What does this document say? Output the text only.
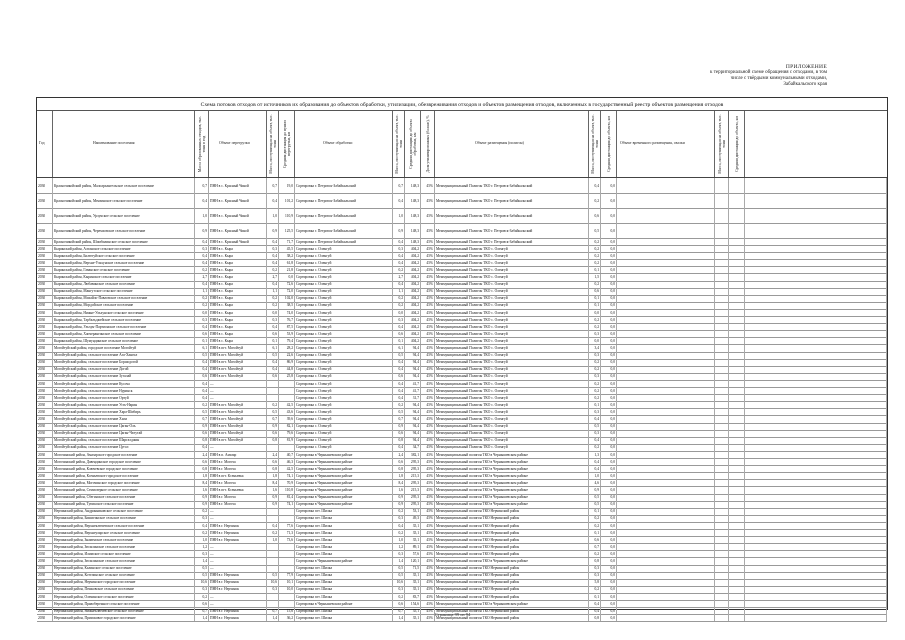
ПРИЛОЖЕНИЕ
к территориальной схеме обращения с отходами, в том
числе с твёрдыми коммунальными отходами,
Забайкальского края
Схема потоков отходов от источников их образования до объектов обработки, утилизации, обезвреживания отходов и объектов размещения отходов, включенных в государственный реестр объектов размещения отходов
Год	Наименование поселения	Масса образованных отходов, тыс. тонн в год	Объект перегрузки	Масса, поступающая на объект, тыс. тонн Средняя дистанция до пункта перегрузки, км	Объект обработки	Масса, поступающая на объект, тыс. тонн Средняя дистанция до объекта обработки, км Доля утилизированных (баланс), %	Объект размещения (полигон)	Масса, поступающая на объект, тыс. тонн Средняя дистанция до объекта, км	Объект временного размещения, свалки	Масса, поступающая на объект, тыс. тонн Средняя дистанция до объекта, км
2030	Красночикойский район, Малоархангельское сельское поселение	0,7 ПНН в с. Красный Чикой	0,7	19,0 Сортировка г. Петровск-Забайкальский	0,7	148,3	45% Межмуниципальный Полигон ТКО г. Петровск-Забайкальский	0,4	0,0
2030	Красночикойский район, Мензинское сельское поселение	0,4 ПНН в с. Красный Чикой	0,4	101,2 Сортировка г. Петровск-Забайкальский	0,4	148,3	45% Межмуниципальный Полигон ТКО г. Петровск-Забайкальский	0,2	0,0
2030	Красночикойский район, Урлукское сельское поселение	1,0 ПНН в с. Красный Чикой	1,0	110,9 Сортировка г. Петровск-Забайкальский	1,0	148,3	45% Межмуниципальный Полигон ТКО г. Петровск-Забайкальский	0,6	0,0
2030	Красночикойский район, Черемховское сельское поселение	0,9 ПНН в с. Красный Чикой	0,9	125,5 Сортировка г. Петровск-Забайкальский	0,9	148,3	45% Межмуниципальный Полигон ТКО г. Петровск-Забайкальский	0,5	0,0
2030	Красночикойский район, Шимбилинское сельское поселение	0,4 ПНН в с. Красный Чикой	0,4	71,7 Сортировка г. Петровск-Забайкальский	0,4	148,3	45% Межмуниципальный Полигон ТКО г. Петровск-Забайкальский	0,2	0,0
2030	Кыринский район, Алтанское сельское поселение	0,3 ПНН в с. Кыра	0,3	45,5 Сортировка с. Оленгуй	0,3	404,2	45% Межмуниципальный Полигон ТКО с. Оленгуй	0,2	0,0
2030	Кыринский район, Билютуйское сельское поселение	0,4 ПНН в с. Кыра	0,4	38,2 Сортировка с. Оленгуй	0,4	404,2	45% Межмуниципальный Полигон ТКО с. Оленгуй	0,2	0,0
2030	Кыринский район, Верхне-Ульхунское сельское поселение	0,4 ПНН в с. Кыра	0,4	61,8 Сортировка с. Оленгуй	0,4	404,2	45% Межмуниципальный Полигон ТКО с. Оленгуй	0,2	0,0
2030	Кыринский район, Гаванское сельское поселение	0,2 ПНН в с. Кыра	0,2	21,8 Сортировка с. Оленгуй	0,2	404,2	45% Межмуниципальный Полигон ТКО с. Оленгуй	0,1	0,0
2030	Кыринский район, Кыринское сельское поселение	2,7 ПНН в с. Кыра	2,7	0,0 Сортировка с. Оленгуй	2,7	404,2	45% Межмуниципальный Полигон ТКО с. Оленгуй	1,5	0,0
2030	Кыринский район, Любавинское сельское поселение	0,4 ПНН в с. Кыра	0,4	72,6 Сортировка с. Оленгуй	0,4	404,2	45% Межмуниципальный Полигон ТКО с. Оленгуй	0,2	0,0
2030	Кыринский район, Мангутское сельское поселение	1,1 ПНН в с. Кыра	1,1	72,0 Сортировка с. Оленгуй	1,1	404,2	45% Межмуниципальный Полигон ТКО с. Оленгуй	0,6	0,0
2030	Кыринский район, Михайло-Павловское сельское поселение	0,2 ПНН в с. Кыра	0,2	102,0 Сортировка с. Оленгуй	0,2	404,2	45% Межмуниципальный Полигон ТКО с. Оленгуй	0,1	0,0
2030	Кыринский район, Мордойское сельское поселение	0,2 ПНН в с. Кыра	0,2	38,5 Сортировка с. Оленгуй	0,2	404,2	45% Межмуниципальный Полигон ТКО с. Оленгуй	0,1	0,0
2030	Кыринский район, Нижне-Ульхунское сельское поселение	0,0 ПНН в с. Кыра	0,0	74,0 Сортировка с. Оленгуй	0,0	404,2	45% Межмуниципальный Полигон ТКО с. Оленгуй	0,0	0,0
2030	Кыринский район, Тарбальджейское сельское поселение	0,3 ПНН в с. Кыра	0,3	76,7 Сортировка с. Оленгуй	0,3	404,2	45% Межмуниципальный Полигон ТКО с. Оленгуй	0,2	0,0
2030	Кыринский район, Ульхун-Партионское сельское поселение	0,4 ПНН в с. Кыра	0,4	87,5 Сортировка с. Оленгуй	0,4	404,2	45% Межмуниципальный Полигон ТКО с. Оленгуй	0,2	0,0
2030	Кыринский район, Хапчерангинское сельское поселение	0,6 ПНН в с. Кыра	0,6	53,9 Сортировка с. Оленгуй	0,6	404,2	45% Межмуниципальный Полигон ТКО с. Оленгуй	0,3	0,0
2030	Кыринский район, Шумундинское сельское поселение	0,1 ПНН в с. Кыра	0,1	79,4 Сортировка с. Оленгуй	0,1	404,2	45% Межмуниципальный Полигон ТКО с. Оленгуй	0,0	0,0
2030	Могойтуйский район, городское поселение Могойтуй	6,1 ПНН в пгт. Могойтуй	6,1	28,2 Сортировка с. Оленгуй	6,1	94,4	45% Межмуниципальный Полигон ТКО с. Оленгуй	3,4	0,0
2030	Могойтуйский район, сельское поселение Ага-Хангил	0,5 ПНН в пгт. Могойтуй	0,5	22,6 Сортировка с. Оленгуй	0,5	94,4	45% Межмуниципальный Полигон ТКО с. Оленгуй	0,3	0,0
2030	Могойтуйский район, сельское поселение Боршодогой	0,4 ПНН в пгт. Могойтуй	0,4	86,9 Сортировка с. Оленгуй	0,4	94,4	45% Межмуниципальный Полигон ТКО с. Оленгуй	0,2	0,0
2030	Могойтуйский район, сельское поселение Догой	0,4 ПНН в пгт. Могойтуй	0,4	44,8 Сортировка с. Оленгуй	0,4	94,4	45% Межмуниципальный Полигон ТКО с. Оленгуй	0,2	0,0
2030	Могойтуйский район, сельское поселение Зугалай	0,6 ПНН в пгт. Могойтуй	0,6	25,8 Сортировка с. Оленгуй	0,6	94,4	45% Межмуниципальный Полигон ТКО с. Оленгуй	0,3	0,0
2030	Могойтуйский район, сельское поселение Кусоча	0,4 —	Сортировка с. Оленгуй	0,4	41,7	45% Межмуниципальный Полигон ТКО с. Оленгуй	0,2	0,0
2030	Могойтуйский район, сельское поселение Нуринск	0,4 —	Сортировка с. Оленгуй	0,4	41,7	45% Межмуниципальный Полигон ТКО с. Оленгуй	0,2	0,0
2030	Могойтуйский район, сельское поселение Ортуй	0,4 —	Сортировка с. Оленгуй	0,4	31,7	45% Межмуниципальный Полигон ТКО с. Оленгуй	0,2	0,0
2030	Могойтуйский район, сельское поселение Усть-Нарин	0,2 ПНН в пгт. Могойтуй	0,2	42,5 Сортировка с. Оленгуй	0,2	94,4	45% Межмуниципальный Полигон ТКО с. Оленгуй	0,1	0,0
2030	Могойтуйский район, сельское поселение Хара-Шибирь	0,5 ПНН в пгт. Могойтуй	0,5	43,6 Сортировка с. Оленгуй	0,5	94,4	45% Межмуниципальный Полигон ТКО с. Оленгуй	0,3	0,0
2030	Могойтуйский район, сельское поселение Хила	0,7 ПНН в пгт. Могойтуй	0,7	39,6 Сортировка с. Оленгуй	0,7	94,4	45% Межмуниципальный Полигон ТКО с. Оленгуй	0,4	0,0
2030	Могойтуйский район, сельское поселение Цаган-Оль	0,9 ПНН в пгт. Могойтуй	0,9	82,1 Сортировка с. Оленгуй	0,9	94,4	45% Межмуниципальный Полигон ТКО с. Оленгуй	0,5	0,0
2030	Могойтуйский район, сельское поселение Цаган-Челутай	0,6 ПНН в пгт. Могойтуй	0,6	79,6 Сортировка с. Оленгуй	0,6	94,4	45% Межмуниципальный Полигон ТКО с. Оленгуй	0,3	0,0
2030	Могойтуйский район, сельское поселение Шаргалджин	0,8 ПНН в пгт. Могойтуй	0,8	81,9 Сортировка с. Оленгуй	0,8	94,4	45% Межмуниципальный Полигон ТКО с. Оленгуй	0,4	0,0
2030	Могойтуйский район, сельское поселение Цугол	0,4 —	Сортировка с. Оленгуй	0,4	34,7	45% Межмуниципальный Полигон ТКО с. Оленгуй	0,2	0,0
2030	Могочинский район, Амазарское городское поселение	2,4 ПНН в п. Амазар	2,4	40,7 Сортировка в Чернышевском районе	2,4	382,1	45% Межмуниципальный полигон ТКО в Чернышевском районе	1,3	0,0
2030	Могочинский район, Давендинское городское поселение	0,6 ПНН в г. Могоча	0,6	46,3 Сортировка в Чернышевском районе	0,6	295,3	45% Межмуниципальный полигон ТКО в Чернышевском районе	0,4	0,0
2030	Могочинский район, Ключевское городское поселение	0,8 ПНН в г. Могоча	0,8	42,5 Сортировка в Чернышевском районе	0,8	295,3	45% Межмуниципальный полигон ТКО в Чернышевском районе	0,4	0,0
2030	Могочинский район, Ксеньевское городское поселение	1,8 ПНН в пгт. Ксеньевка	1,8	74,1 Сортировка в Чернышевском районе	1,8	215,3	45% Межмуниципальный полигон ТКО в Чернышевском районе	1,0	0,0
2030	Могочинский район, Могочинское городское поселение	8,4 ПНН в г. Могоча	8,4	70,9 Сортировка в Чернышевском районе	8,4	295,3	45% Межмуниципальный полигон ТКО в Чернышевском районе	4,6	0,0
2030	Могочинский район, Семиозерное сельское поселение	1,6 ПНН в пгт. Ксеньевка	1,6	110,8 Сортировка в Чернышевском районе	1,6	215,3	45% Межмуниципальный полигон ТКО в Чернышевском районе	0,9	0,0
2030	Могочинский район, Сбегинское сельское поселение	0,9 ПНН в г. Могоча	0,9	81,4 Сортировка в Чернышевском районе	0,9	295,3	45% Межмуниципальный полигон ТКО в Чернышевском районе	0,5	0,0
2030	Могочинский район, Тупикское сельское поселение	0,9 ПНН в г. Могоча	0,9	74,1 Сортировка в Чернышевском районе	0,9	295,3	45% Межмуниципальный полигон ТКО в Чернышевском районе	0,5	0,0
2030	Нерчинский район, Андронниковское сельское поселение	0,2 —	Сортировка пгт. Шилка	0,2	53,1	45% Межмуниципальный полигон ТКО Нерчинский район	0,1	0,0
2030	Нерчинский район, Бишигинское сельское поселение	0,3 —	Сортировка пгт. Шилка	0,3	49,3	45% Межмуниципальный полигон ТКО Нерчинский район	0,2	0,0
2030	Нерчинский район, Верхнеключевское сельское поселение	0,4 ПНН в г. Нерчинск	0,4	77,6 Сортировка пгт. Шилка	0,4	35,1	45% Межмуниципальный полигон ТКО Нерчинский район	0,2	0,0
2030	Нерчинский район, Верхнеуларское сельское поселение	0,2 ПНН в г. Нерчинск	0,2	71,3 Сортировка пгт. Шилка	0,2	35,1	45% Межмуниципальный полигон ТКО Нерчинский район	0,1	0,0
2030	Нерчинский район, Знаменское сельское поселение	1,0 ПНН в г. Нерчинск	1,0	73,6 Сортировка пгт. Шилка	1,0	35,1	45% Межмуниципальный полигон ТКО Нерчинский район	0,6	0,0
2030	Нерчинский район, Зюльзинское сельское поселение	1,2 —	Сортировка пгт. Шилка	1,2	89,1	45% Межмуниципальный полигон ТКО Нерчинский район	0,7	0,0
2030	Нерчинский район, Илимское сельское поселение	0,3 —	Сортировка пгт. Шилка	0,3	57,6	45% Межмуниципальный полигон ТКО Нерчинский район	0,2	0,0
2030	Нерчинский район, Зюльзинское сельское поселение	1,4 —	Сортировка в Чернышевском районе	1,4	120,1	45% Межмуниципальный полигон ТКО в Чернышевском районе	0,8	0,0
2030	Нерчинский район, Калинское сельское поселение	0,5 —	Сортировка пгт. Шилка	0,5	71,5	45% Межмуниципальный полигон ТКО Нерчинский район	0,3	0,0
2030	Нерчинский район, Котелинское сельское поселение	0,5 ПНН в г. Нерчинск	0,5	77,9 Сортировка пгт. Шилка	0,5	35,1	45% Межмуниципальный полигон ТКО Нерчинский район	0,3	0,0
2030	Нерчинский район, Нерчинское городское поселение	10,6 ПНН в г. Нерчинск	10,6	10,1 Сортировка пгт. Шилка	10,6	35,1	45% Межмуниципальный полигон ТКО Нерчинский район	5,8	0,0
2030	Нерчинский район, Пешковское сельское поселение	0,3 ПНН в г. Нерчинск	0,3	10,0 Сортировка пгт. Шилка	0,3	35,1	45% Межмуниципальный полигон ТКО Нерчинский район	0,2	0,0
2030	Нерчинский район, Олекинское сельское поселение	0,2 —	Сортировка пгт. Шилка	0,2	83,7	45% Межмуниципальный полигон ТКО Нерчинский район	0,1	0,0
2030	Нерчинский район, Правобережное сельское поселение	0,6 —	Сортировка в Чернышевском районе	0,6	154,6	45% Межмуниципальный полигон ТКО в Чернышевском районе	0,4	0,0
2030	Нерчинский район, Нижнеключевское сельское поселение	0,7 ПНН в г. Нерчинск	0,7	15,6 Сортировка пгт. Шилка	0,7	35,1	45% Межмуниципальный полигон ТКО Нерчинский район	0,4	0,0
2030	Нерчинский район, Приисковое городское поселение	1,4 ПНН в г. Нерчинск	1,4	36,2 Сортировка пгт. Шилка	1,4	35,1	45% Межмуниципальный полигон ТКО Нерчинский район	0,8	0,0
Страница 99 из 94
